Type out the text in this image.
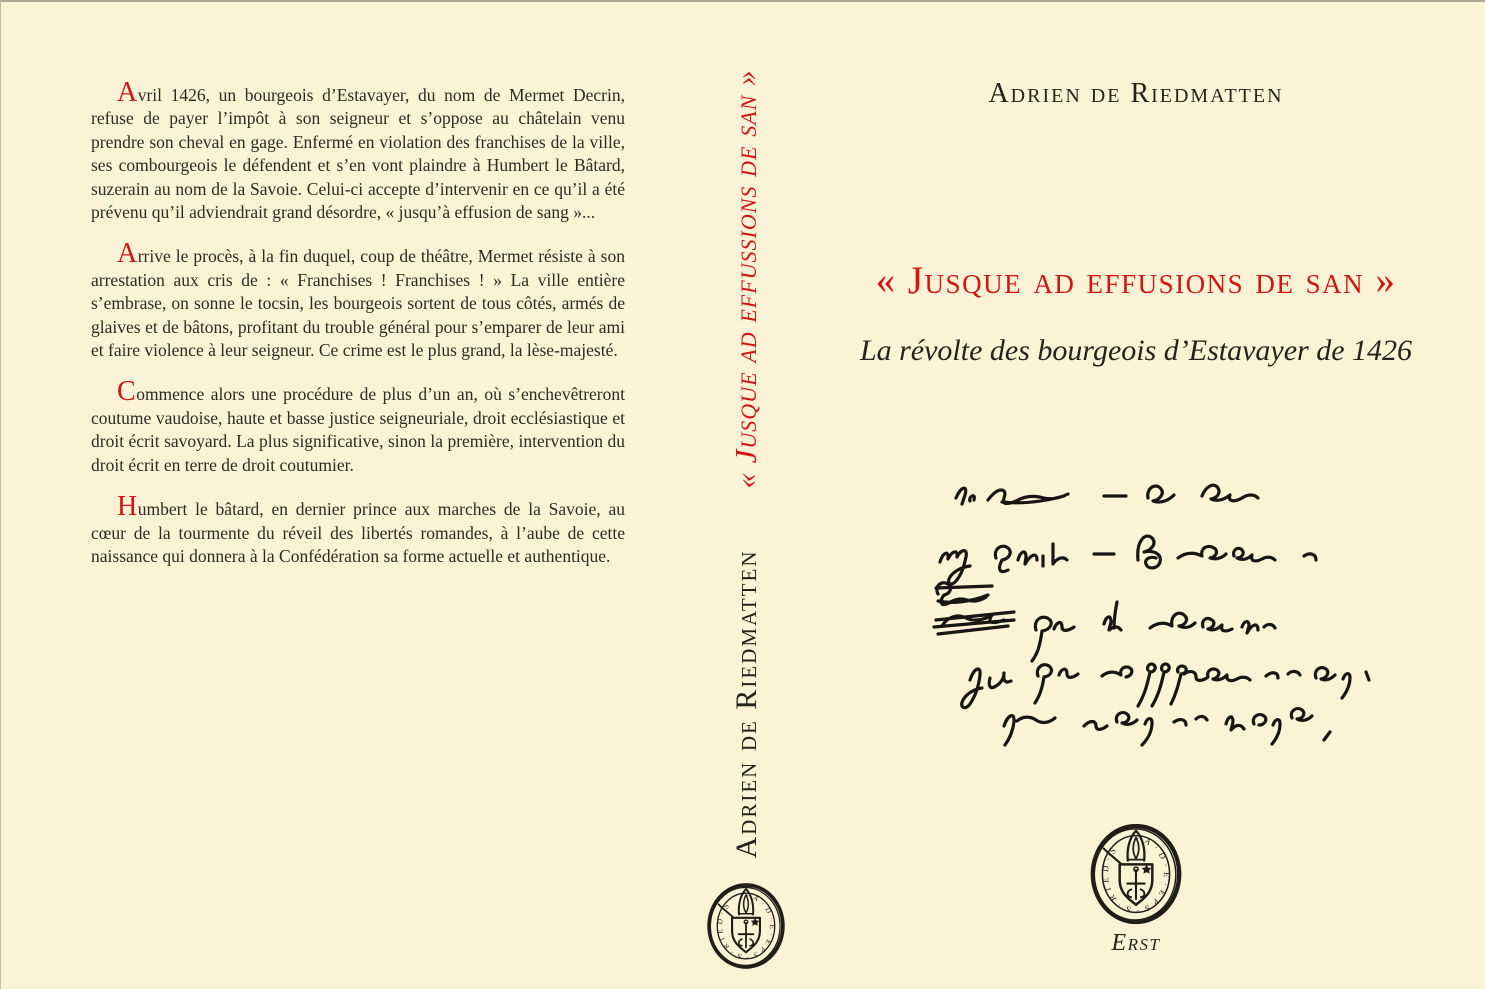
Avril 1426, un bourgeois d’Estavayer, du nom de Mermet Decrin, refuse de payer l’impôt à son seigneur et s’oppose au châtelain venu prendre son cheval en gage. Enfermé en violation des franchises de la ville, ses combourgeois le défendent et s’en vont plaindre à Humbert le Bâtard, suzerain au nom de la Savoie. Celui-ci accepte d’intervenir en ce qu’il a été prévenu qu’il adviendrait grand désordre, « jusqu’à effusion de sang »...

Arrive le procès, à la fin duquel, coup de théâtre, Mermet résiste à son arrestation aux cris de : « Franchises ! Franchises ! » La ville entière s’embrase, on sonne le tocsin, les bourgeois sortent de tous côtés, armés de glaives et de bâtons, profitant du trouble général pour s’emparer de leur ami et faire violence à leur seigneur. Ce crime est le plus grand, la lèse-majesté.

Commence alors une procédure de plus d’un an, où s’enchevêtreront coutume vaudoise, haute et basse justice seigneuriale, droit ecclésiastique et droit écrit savoyard. La plus significative, sinon la première, intervention du droit écrit en terre de droit coutumier.

Humbert le bâtard, en dernier prince aux marches de la Savoie, au cœur de la tourmente du réveil des libertés romandes, à l’aube de cette naissance qui donnera à la Confédération sa forme actuelle et authentique.

« Jusque ad effussions de san »
Adrien de Riedmatten
·A·D·E·EPS·S·RIED·S
Adrien de Riedmatten
« Jusque ad effusions de san »
La révolte des bourgeois d’Estavayer de 1426
·A·D·E·EPS·S·RIED·S
Erst
